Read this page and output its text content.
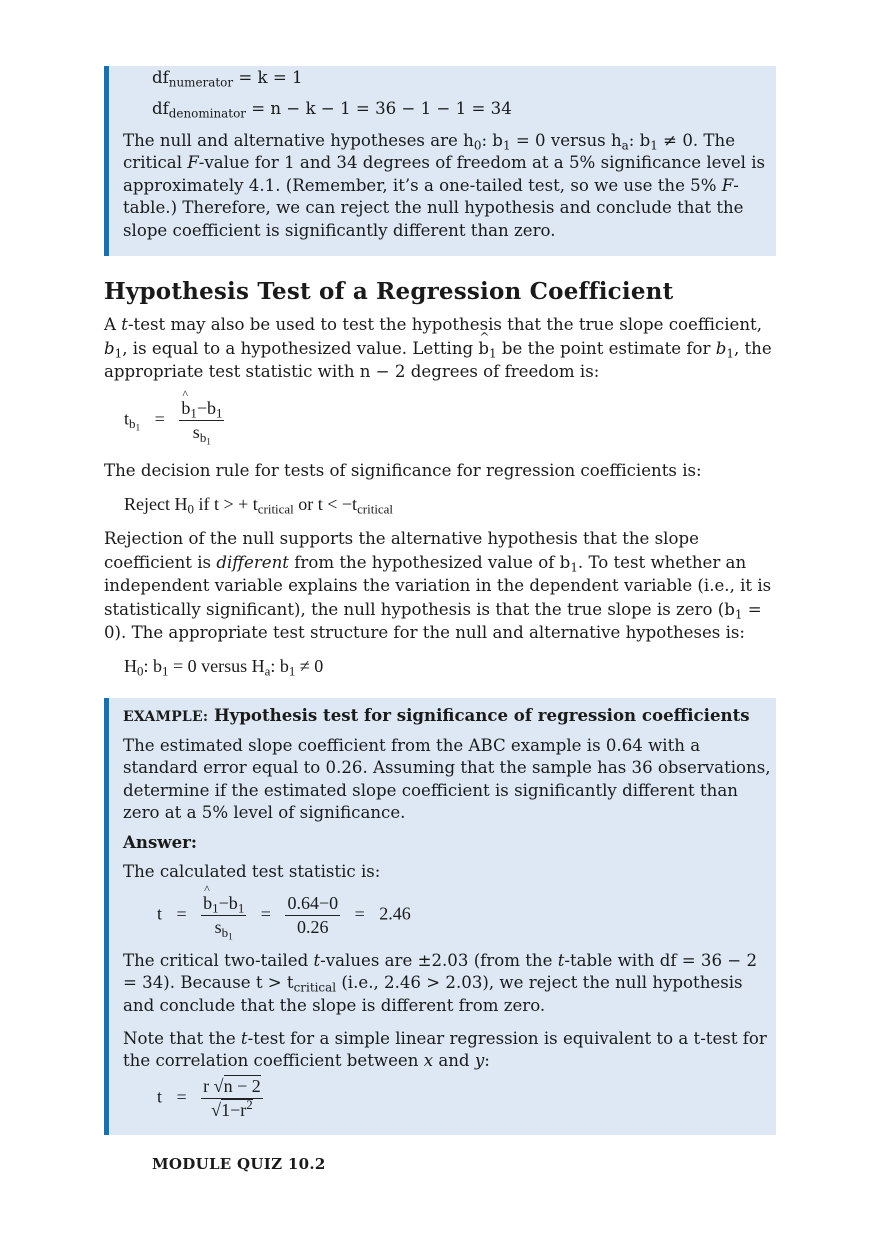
$df_{numerator} = k = 1$

$df_{denominator} = n - k - 1 = 36 - 1 - 1 = 34$

The null and alternative hypotheses are $h_0$: $b_1 = 0$ versus $h_a$: $b_1 \ne 0$. The critical F-value for 1 and 34 degrees of freedom at a 5% significance level is approximately 4.1. (Remember, it’s a one-tailed test, so we use the 5% F-table.) Therefore, we can reject the null hypothesis and conclude that the slope coefficient is significantly different than zero.

Hypothesis Test of a Regression Coefficient

A t-test may also be used to test the hypothesis that the true slope coefficient, $b_1$, is equal to a hypothesized value. Letting ^ $b_1$ be the point estimate for $b_1$, the appropriate test statistic with n − 2 degrees of freedom is:

$t_{b_1}$ = ^ $\frac{b_1-b_1}{s_{b_1}}$

The decision rule for tests of significance for regression coefficients is:

Reject $H_0$ if t > + $t_{critical}$ or $t < -t_{critical}$

Rejection of the null supports the alternative hypothesis that the slope coefficient is different from the hypothesized value of $b_1$. To test whether an independent variable explains the variation in the dependent variable (i.e., it is statistically significant), the null hypothesis is that the true slope is zero $(b_1 = 0)$. The appropriate test structure for the null and alternative hypotheses is:

$H_0$: $b_1 = 0$ versus $H_a$: $b_1 \ne 0$

EXAMPLE: Hypothesis test for significance of regression coefficients

The estimated slope coefficient from the ABC example is 0.64 with a standard error equal to 0.26. Assuming that the sample has 36 observations, determine if the estimated slope coefficient is significantly different than zero at a 5% level of significance.

Answer:

The calculated test statistic is:

t = ^ $\frac{b_1-b_1}{s_{b_1}} = \frac{0.64-0}{0.26} = 2.46$

The critical two-tailed t-values are ±2.03 (from the t-table with df = 36 − 2 = 34). Because $t > t_{critical}$ (i.e., 2.46 > 2.03), we reject the null hypothesis and conclude that the slope is different from zero.

Note that the t-test for a simple linear regression is equivalent to a t-test for the correlation coefficient between x and y:

$t = \frac{r √n - 2}{√1-r^2}$

MODULE QUIZ 10.2
